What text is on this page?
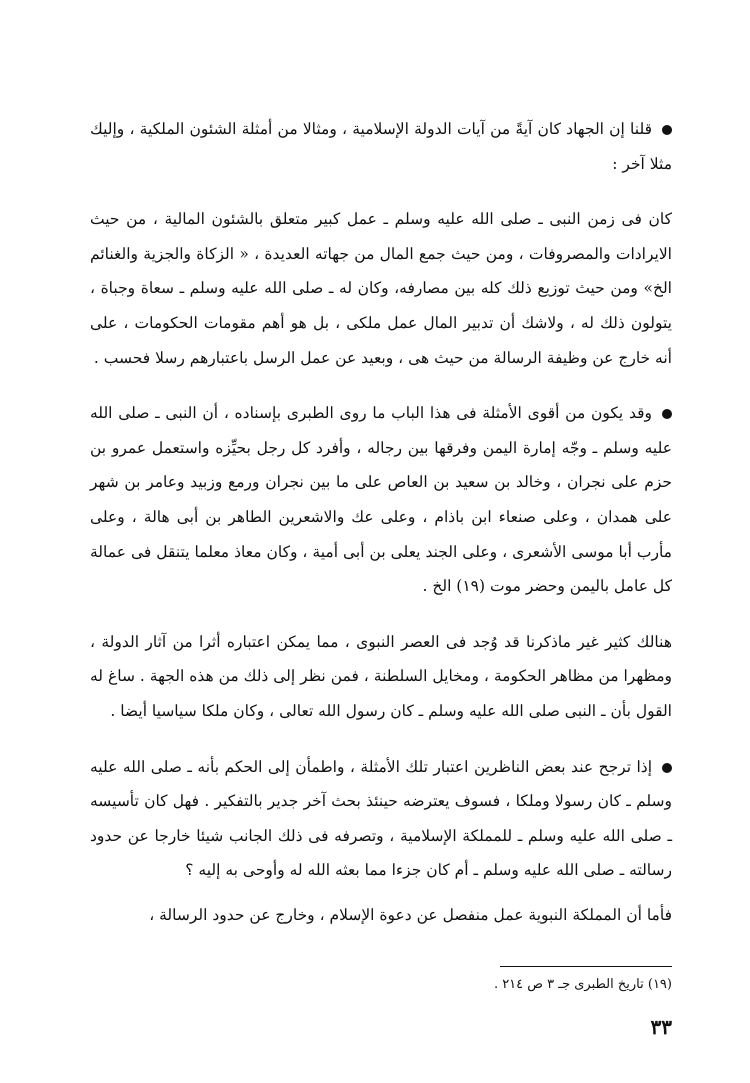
قلنا إن الجهاد كان آيةً من آيات الدولة الإسلامية ، ومثالا من أمثلة الشئون الملكية ، وإليك مثلا آخر :

كان فى زمن النبى ـ صلى الله عليه وسلم ـ عمل كبير متعلق بالشئون المالية ، من حيث الايرادات والمصروفات ، ومن حيث جمع المال من جهاته العديدة ، « الزكاة والجزية والغنائم الخ» ومن حيث توزيع ذلك كله بين مصارفه، وكان له ـ صلى الله عليه وسلم ـ سعاة وجباة ، يتولون ذلك له ، ولاشك أن تدبير المال عمل ملكى ، بل هو أهم مقومات الحكومات ، على أنه خارج عن وظيفة الرسالة من حيث هى ، وبعيد عن عمل الرسل باعتبارهم رسلا فحسب .

وقد يكون من أقوى الأمثلة فى هذا الباب ما روى الطبرى بإسناده ، أن النبى ـ صلى الله عليه وسلم ـ وجّه إمارة اليمن وفرقها بين رجاله ، وأفرد كل رجل بحيِّزه واستعمل عمرو بن حزم على نجران ، وخالد بن سعيد بن العاص على ما بين نجران ورمع وزبيد وعامر بن شهر على همدان ، وعلى صنعاء ابن باذام ، وعلى عك والاشعرين الطاهر بن أبى هالة ، وعلى مأرب أبا موسى الأشعرى ، وعلى الجند يعلى بن أبى أمية ، وكان معاذ معلما يتنقل فى عمالة كل عامل باليمن وحضر موت (١٩) الخ .

هنالك كثير غير ماذكرنا قد وُجد فى العصر النبوى ، مما يمكن اعتباره أثرا من آثار الدولة ، ومظهرا من مظاهر الحكومة ، ومخايل السلطنة ، فمن نظر إلى ذلك من هذه الجهة . ساغ له القول بأن ـ النبى صلى الله عليه وسلم ـ كان رسول الله تعالى ، وكان ملكا سياسيا أيضا .

إذا ترجح عند بعض الناظرين اعتبار تلك الأمثلة ، واطمأن إلى الحكم بأنه ـ صلى الله عليه وسلم ـ كان رسولا وملكا ، فسوف يعترضه حينئذ بحث آخر جدير بالتفكير . فهل كان تأسيسه ـ صلى الله عليه وسلم ـ للمملكة الإسلامية ، وتصرفه فى ذلك الجانب شيئا خارجا عن حدود رسالته ـ صلى الله عليه وسلم ـ أم كان جزءا مما بعثه الله له وأوحى به إليه ؟

فأما أن المملكة النبوية عمل منفصل عن دعوة الإسلام ، وخارج عن حدود الرسالة ،

(١٩) تاريخ الطبرى جـ ٣ ص ٢١٤ .
٣٣
